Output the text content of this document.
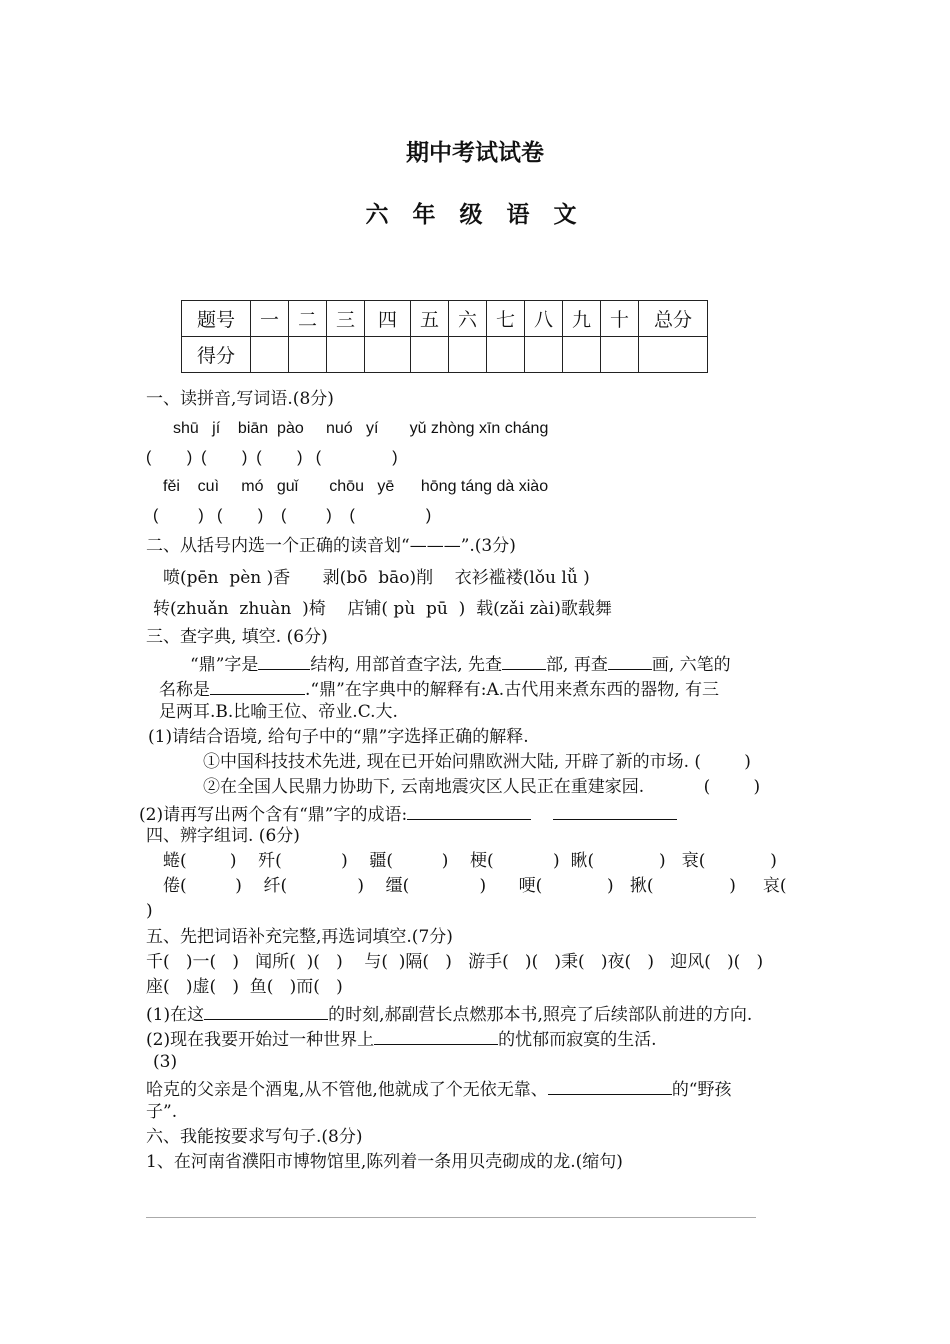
期中考试试卷
六 年 级 语 文
题号	一	二	三	四	五	六	七	八	九	十	总分
得分											
一、读拼音,写词语.(8分)
shū   jí    biān  pào     nuó   yí       yǔ zhòng xīn cháng
(        )  (        )  (        )   (                )
fěi    cuì     mó   guǐ       chōu   yē      hōng táng dà xiào
(         )   (        )    (         )    (                )
二、从括号内选一个正确的读音划“———”.(3分)
喷(pēn  pèn )香      剥(bō  bāo)削    衣衫褴褛(lǒu lǚ )
转(zhuǎn  zhuàn  )椅    店铺( pù  pū  )  载(zǎi zài)歌载舞
三、查字典, 填空. (6分)
“鼎”字是	结构, 用部首查字法, 先查	部, 再查	画, 六笔的
名称是	.“鼎”在字典中的解释有:A.古代用来煮东西的器物, 有三
足两耳.B.比喻王位、帝业.C.大.
(1)请结合语境, 给句子中的“鼎”字选择正确的解释.
①中国科技技术先进, 现在已开始问鼎欧洲大陆, 开辟了新的市场. (        )
②在全国人民鼎力协助下, 云南地震灾区人民正在重建家园.           (        )
(2)请再写出两个含有“鼎”字的成语:
四、辨字组词. (6分)
蜷(        )    歼(           )    疆(         )    梗(           )  瞅(            )   衰(            )
倦(         )    纤(             )    缰(             )      哽(            )   揪(              )     哀(
)
五、先把词语补充完整,再选词填空.(7分)
千(   )一(   )   闻所(  )(   )    与(  )隔(   )   游手(   )(   )秉(   )夜(   )   迎风(   )(   )
座(   )虚(   )  鱼(   )而(   )
(1)在这	的时刻,郝副营长点燃那本书,照亮了后续部队前进的方向.
(2)现在我要开始过一种世界上	的忧郁而寂寞的生活.
(3)
哈克的父亲是个酒鬼,从不管他,他就成了个无依无靠、	的“野孩
子”.
六、我能按要求写句子.(8分)
1、在河南省濮阳市博物馆里,陈列着一条用贝壳砌成的龙.(缩句)
